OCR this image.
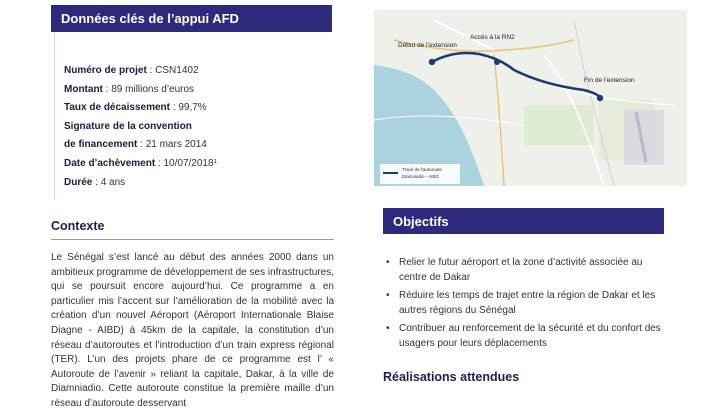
Données clés de l’appui AFD
Numéro de projet : CSN1402
Montant : 89 millions d’euros
Taux de décaissement : 99,7%
Signature de la convention
de financement : 21 mars 2014
Date d’achèvement : 10/07/2018¹
Durée : 4 ans
Contexte
Le Sénégal s’est lancé au début des années 2000 dans un ambitieux programme de développement de ses infrastructures, qui se poursuit encore aujourd’hui. Ce programme a en particulier mis l’accent sur l’amélioration de la mobilité avec la création d’un nouvel Aéroport (Aéroport Internationale Blaise Diagne - AIBD) à 45km de la capitale, la constitution d’un réseau d’autoroutes et l’introduction d’un train express régional (TER). L’un des projets phare de ce programme est l’ « Autoroute de l’avenir » reliant la capitale, Dakar, à la ville de Diamniadio. Cette autoroute constitue la première maille d’un réseau d’autoroute desservant
Début de l’extension
Accès à la RN2
Fin de l’extension
Tracé de l’autoroute
Diamniadio - AIBD
Objectifs
• Relier le futur aéroport et la zone d’activité associée au centre de Dakar
• Réduire les temps de trajet entre la région de Dakar et les autres régions du Sénégal
• Contribuer au renforcement de la sécurité et du confort des usagers pour leurs déplacements
Réalisations attendues
